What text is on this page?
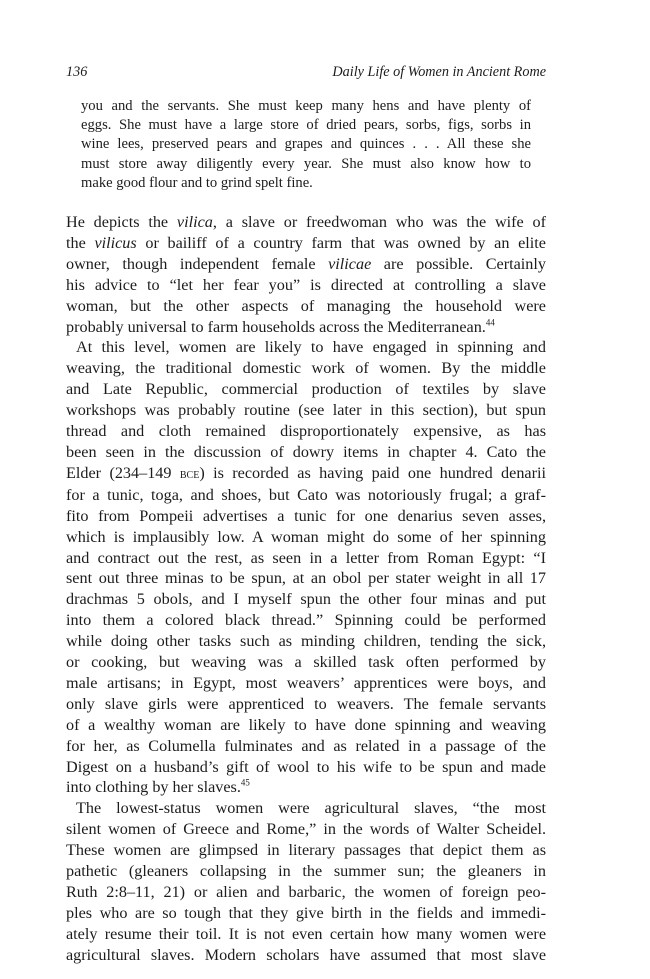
136	Daily Life of Women in Ancient Rome
you and the servants. She must keep many hens and have plenty of
eggs. She must have a large store of dried pears, sorbs, figs, sorbs in
wine lees, preserved pears and grapes and quinces . . . All these she
must store away diligently every year. She must also know how to
make good flour and to grind spelt fine.
He depicts the vilica, a slave or freedwoman who was the wife of
the vilicus or bailiff of a country farm that was owned by an elite
owner, though independent female vilicae are possible. Certainly
his advice to “let her fear you” is directed at controlling a slave
woman, but the other aspects of managing the household were
probably universal to farm households across the Mediterranean.$^{44}$
At this level, women are likely to have engaged in spinning and
weaving, the traditional domestic work of women. By the middle
and Late Republic, commercial production of textiles by slave
workshops was probably routine (see later in this section), but spun
thread and cloth remained disproportionately expensive, as has
been seen in the discussion of dowry items in chapter 4. Cato the
Elder (234–149 bce) is recorded as having paid one hundred denarii
for a tunic, toga, and shoes, but Cato was notoriously frugal; a graf-
fito from Pompeii advertises a tunic for one denarius seven asses,
which is implausibly low. A woman might do some of her spinning
and contract out the rest, as seen in a letter from Roman Egypt: “I
sent out three minas to be spun, at an obol per stater weight in all 17
drachmas 5 obols, and I myself spun the other four minas and put
into them a colored black thread.” Spinning could be performed
while doing other tasks such as minding children, tending the sick,
or cooking, but weaving was a skilled task often performed by
male artisans; in Egypt, most weavers’ apprentices were boys, and
only slave girls were apprenticed to weavers. The female servants
of a wealthy woman are likely to have done spinning and weaving
for her, as Columella fulminates and as related in a passage of the
Digest on a husband’s gift of wool to his wife to be spun and made
into clothing by her slaves.$^{45}$
The lowest-status women were agricultural slaves, “the most
silent women of Greece and Rome,” in the words of Walter Scheidel.
These women are glimpsed in literary passages that depict them as
pathetic (gleaners collapsing in the summer sun; the gleaners in
Ruth 2:8–11, 21) or alien and barbaric, the women of foreign peo-
ples who are so tough that they give birth in the fields and immedi-
ately resume their toil. It is not even certain how many women were
agricultural slaves. Modern scholars have assumed that most slave
